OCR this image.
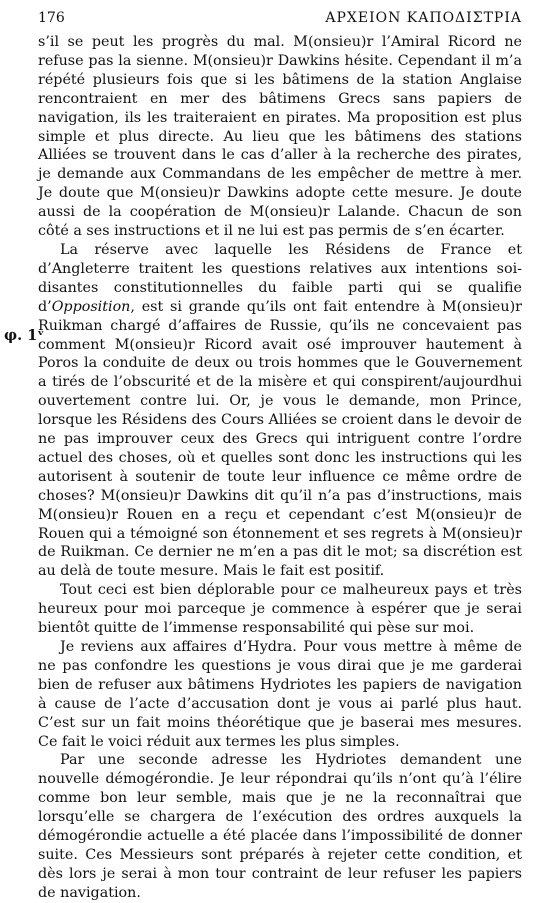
176	ΑΡΧΕΙΟΝ ΚΑΠΟΔΙΣΤΡΙΑ
φ. 1ᵛ

s’il se peut les progrès du mal. M(onsieu)r l’Amiral Ricord ne refuse pas la sienne. M(onsieu)r Dawkins hésite. Cependant il m’a répété plusieurs fois que si les bâtimens de la station Anglaise rencontraient en mer des bâtimens Grecs sans papiers de navigation, ils les traiteraient en pirates. Ma proposition est plus simple et plus directe. Au lieu que les bâtimens des stations Alliées se trouvent dans le cas d’aller à la recherche des pirates, je demande aux Commandans de les empêcher de mettre à mer. Je doute que M(onsieu)r Dawkins adopte cette mesure. Je doute aussi de la coopération de M(onsieu)r Lalande. Chacun de son côté a ses instructions et il ne lui est pas permis de s’en écarter.

La réserve avec laquelle les Résidens de France et d’Angleterre traitent les questions relatives aux intentions soi-disantes constitutionnelles du faible parti qui se qualifie d’Opposition, est si grande qu’ils ont fait entendre à M(onsieu)r Ruikman chargé d’affaires de Russie, qu’ils ne concevaient pas comment M(onsieu)r Ricord avait osé improuver hautement à Poros la conduite de deux ou trois hommes que le Gouvernement a tirés de l’obscurité et de la misère et qui conspirent/aujourdhui ouvertement contre lui. Or, je vous le demande, mon Prince, lorsque les Résidens des Cours Alliées se croient dans le devoir de ne pas improuver ceux des Grecs qui intriguent contre l’ordre actuel des choses, où et quelles sont donc les instructions qui les autorisent à soutenir de toute leur influence ce même ordre de choses? M(onsieu)r Dawkins dit qu’il n’a pas d’instructions, mais M(onsieu)r Rouen en a reçu et cependant c’est M(onsieu)r de Rouen qui a témoigné son étonnement et ses regrets à M(onsieu)r de Ruikman. Ce dernier ne m’en a pas dit le mot; sa discrétion est au delà de toute mesure. Mais le fait est positif.

Tout ceci est bien déplorable pour ce malheureux pays et très heureux pour moi parceque je commence à espérer que je serai bientôt quitte de l’immense responsabilité qui pèse sur moi.

Je reviens aux affaires d’Hydra. Pour vous mettre à même de ne pas confondre les questions je vous dirai que je me garderai bien de refuser aux bâtimens Hydriotes les papiers de navigation à cause de l’acte d’accusation dont je vous ai parlé plus haut. C’est sur un fait moins théorétique que je baserai mes mesures. Ce fait le voici réduit aux termes les plus simples.

Par une seconde adresse les Hydriotes demandent une nouvelle démogérondie. Je leur répondrai qu’ils n’ont qu’à l’élire comme bon leur semble, mais que je ne la reconnaîtrai que lorsqu’elle se chargera de l’exécution des ordres auxquels la démogérondie actuelle a été placée dans l’impossibilité de donner suite. Ces Messieurs sont préparés à rejeter cette condition, et dès lors je serai à mon tour contraint de leur refuser les papiers de navigation.
